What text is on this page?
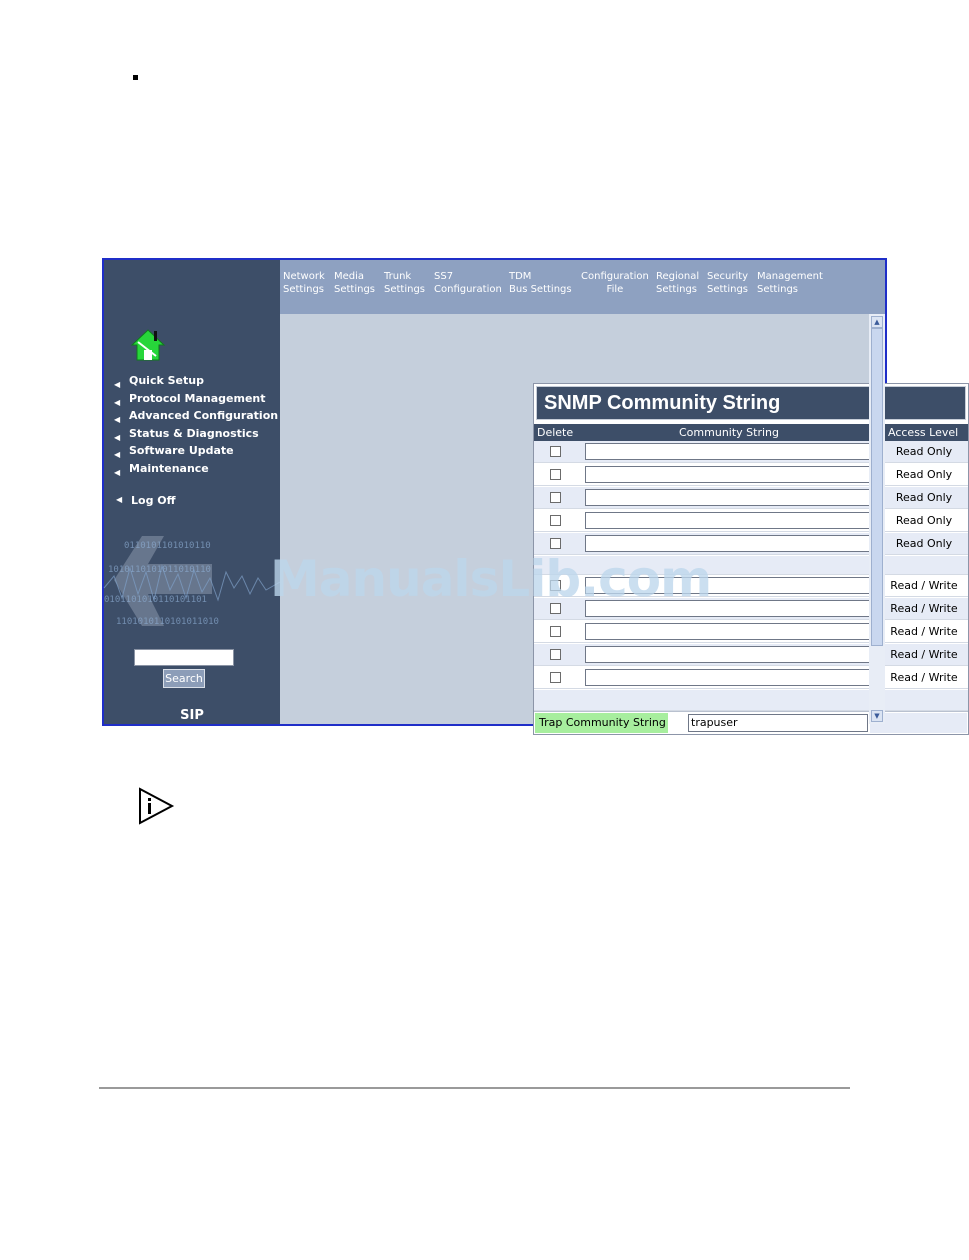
◀ Quick Setup
◀ Protocol Management
◀ Advanced Configuration
◀ Status & Diagnostics
◀ Software Update
◀ Maintenance
◀ Log Off
0110101101010110
1010110101011010110
0101101010110101101
1101010110101011010
Search
SIP
Network
Settings
Media
Settings
Trunk
Settings
SS7
Configuration
TDM
Bus Settings
Configuration
File
Regional
Settings
Security
Settings
Management
Settings
SNMP Community String
Delete	Community String	Access Level
Read Only
Read Only
Read Only
Read Only
Read Only
Read / Write
Read / Write
Read / Write
Read / Write
Read / Write
Trap Community String trapuser
▲
▼
ManualsLib.com
